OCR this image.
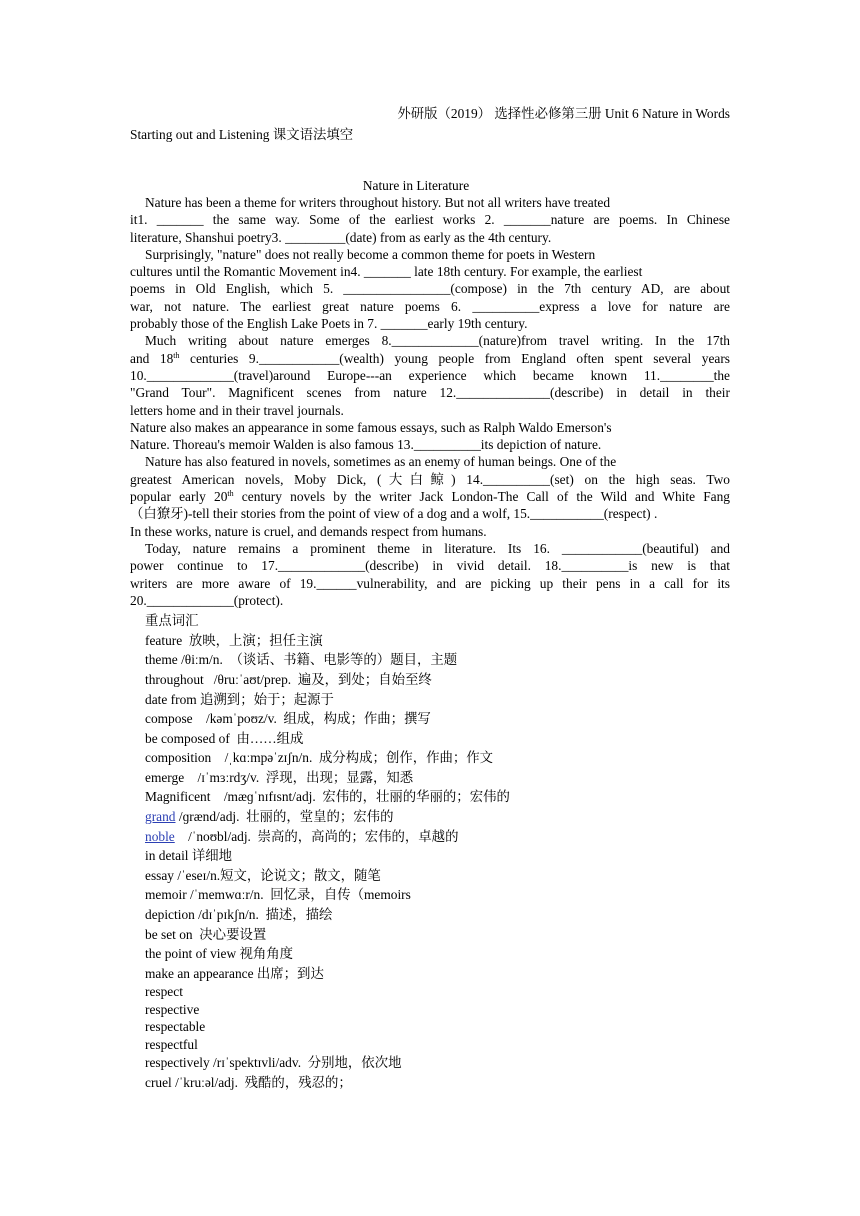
外研版（2019） 选择性必修第三册 Unit 6 Nature in Words
Starting out and Listening 课文语法填空
Nature in Literature
Nature has been a theme for writers throughout history. But not all writers have treated
it1. _______ the same way. Some of the earliest works 2. _______nature are poems. In Chinese
literature, Shanshui poetry3. _________(date) from as early as the 4th century.
Surprisingly, "nature" does not really become a common theme for poets in Western
cultures until the Romantic Movement in4. _______ late 18th century. For example, the earliest
poems in Old English, which 5. ________________(compose) in the 7th century AD, are about
war, not nature. The earliest great nature poems 6. __________express a love for nature are
probably those of the English Lake Poets in 7. _______early 19th century.
Much writing about nature emerges 8._____________(nature)from travel writing. In the 17th
and 18th centuries 9.____________(wealth) young people from England often spent several years
10._____________(travel)around Europe---an experience which became known 11.________the
"Grand Tour". Magnificent scenes from nature 12.______________(describe) in detail in their
letters home and in their travel journals.
Nature also makes an appearance in some famous essays, such as Ralph Waldo Emerson's
Nature. Thoreau's memoir Walden is also famous 13.__________its depiction of nature.
Nature has also featured in novels, sometimes as an enemy of human beings. One of the
greatest American novels, Moby Dick, (大白鲸) 14.__________(set) on the high seas. Two
popular early 20th century novels by the writer Jack London-The Call of the Wild and White Fang
（白獠牙)-tell their stories from the point of view of a dog and a wolf, 15.___________(respect) .
In these works, nature is cruel, and demands respect from humans.
Today, nature remains a prominent theme in literature. Its 16. ____________(beautiful) and
power continue to 17._____________(describe) in vivid detail. 18.__________is new is that
writers are more aware of 19.______vulnerability, and are picking up their pens in a call for its
20._____________(protect).
重点词汇
feature  放映，上演；担任主演
theme /θiːm/n.  （谈话、书籍、电影等的）题目，主题
throughout   /θruːˈaʊt/prep.  遍及，到处；自始至终
date from 追溯到；始于；起源于
compose    /kəmˈpoʊz/v.  组成，构成；作曲；撰写
be composed of  由……组成
composition    /ˌkɑːmpəˈzɪʃn/n.  成分构成；创作，作曲；作文
emerge    /ɪˈmɜːrdʒ/v.  浮现，出现；显露，知悉
Magnificent    /mæɡˈnɪfɪsnt/adj.  宏伟的，壮丽的华丽的；宏伟的
grand /ɡrænd/adj.  壮丽的，堂皇的；宏伟的
noble    /ˈnoʊbl/adj.  崇高的，高尚的；宏伟的，卓越的
in detail 详细地
essay /ˈeseɪ/n.短文，论说文；散文，随笔
memoir /ˈmemwɑːr/n.  回忆录，自传（memoirs
depiction /dɪˈpɪkʃn/n.  描述，描绘
be set on  决心要设置
the point of view 视角角度
make an appearance 出席；到达
respect
respective
respectable
respectful
respectively /rɪˈspektɪvli/adv.  分别地，依次地
cruel /ˈkruːəl/adj.  残酷的，残忍的；
